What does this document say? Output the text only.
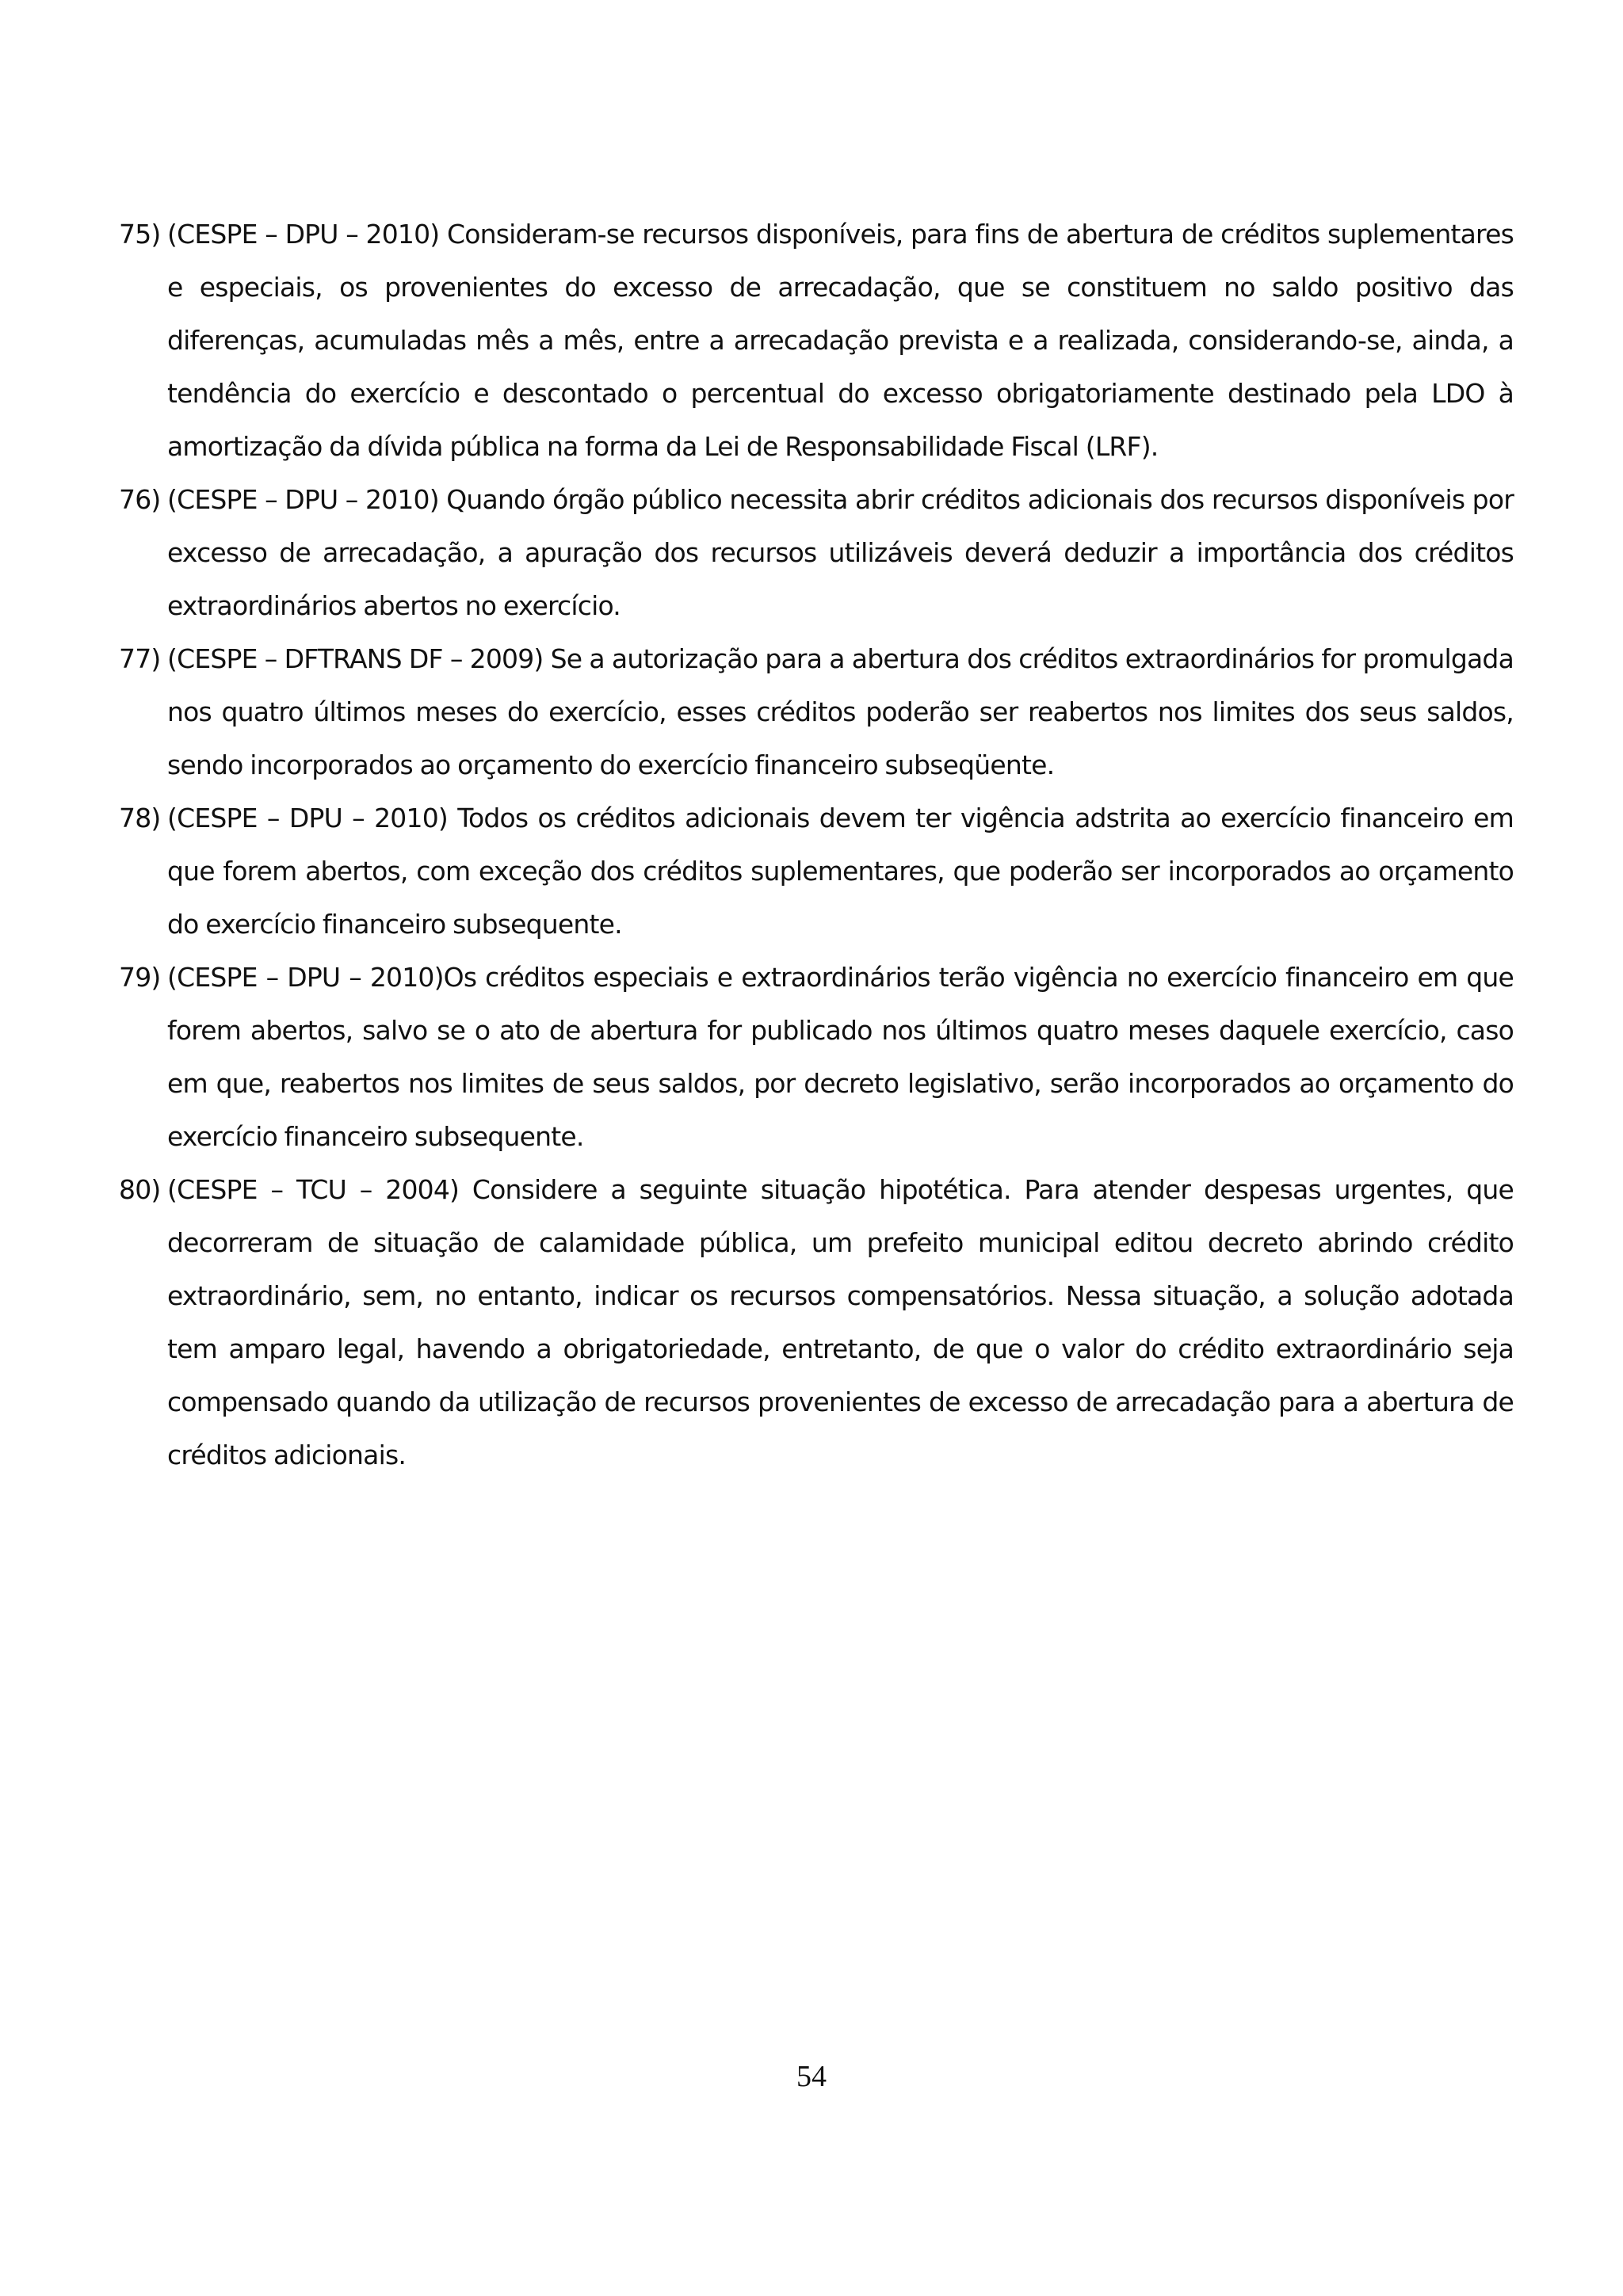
75) (CESPE – DPU – 2010) Consideram-se recursos disponíveis, para fins de abertura de créditos suplementares e especiais, os provenientes do excesso de arrecadação, que se constituem no saldo positivo das diferenças, acumuladas mês a mês, entre a arrecadação prevista e a realizada, considerando-se, ainda, a tendência do exercício e descontado o percentual do excesso obrigatoriamente destinado pela LDO à amortização da dívida pública na forma da Lei de Responsabilidade Fiscal (LRF).
76) (CESPE – DPU – 2010) Quando órgão público necessita abrir créditos adicionais dos recursos disponíveis por excesso de arrecadação, a apuração dos recursos utilizáveis deverá deduzir a importância dos créditos extraordinários abertos no exercício.
77) (CESPE – DFTRANS DF – 2009) Se a autorização para a abertura dos créditos extraordinários for promulgada nos quatro últimos meses do exercício, esses créditos poderão ser reabertos nos limites dos seus saldos, sendo incorporados ao orçamento do exercício financeiro subseqüente.
78) (CESPE – DPU – 2010) Todos os créditos adicionais devem ter vigência adstrita ao exercício financeiro em que forem abertos, com exceção dos créditos suplementares, que poderão ser incorporados ao orçamento do exercício financeiro subsequente.
79) (CESPE – DPU – 2010)Os créditos especiais e extraordinários terão vigência no exercício financeiro em que forem abertos, salvo se o ato de abertura for publicado nos últimos quatro meses daquele exercício, caso em que, reabertos nos limites de seus saldos, por decreto legislativo, serão incorporados ao orçamento do exercício financeiro subsequente.
80) (CESPE – TCU – 2004) Considere a seguinte situação hipotética. Para atender despesas urgentes, que decorreram de situação de calamidade pública, um prefeito municipal editou decreto abrindo crédito extraordinário, sem, no entanto, indicar os recursos compensatórios. Nessa situação, a solução adotada tem amparo legal, havendo a obrigatoriedade, entretanto, de que o valor do crédito extraordinário seja compensado quando da utilização de recursos provenientes de excesso de arrecadação para a abertura de créditos adicionais.
54
